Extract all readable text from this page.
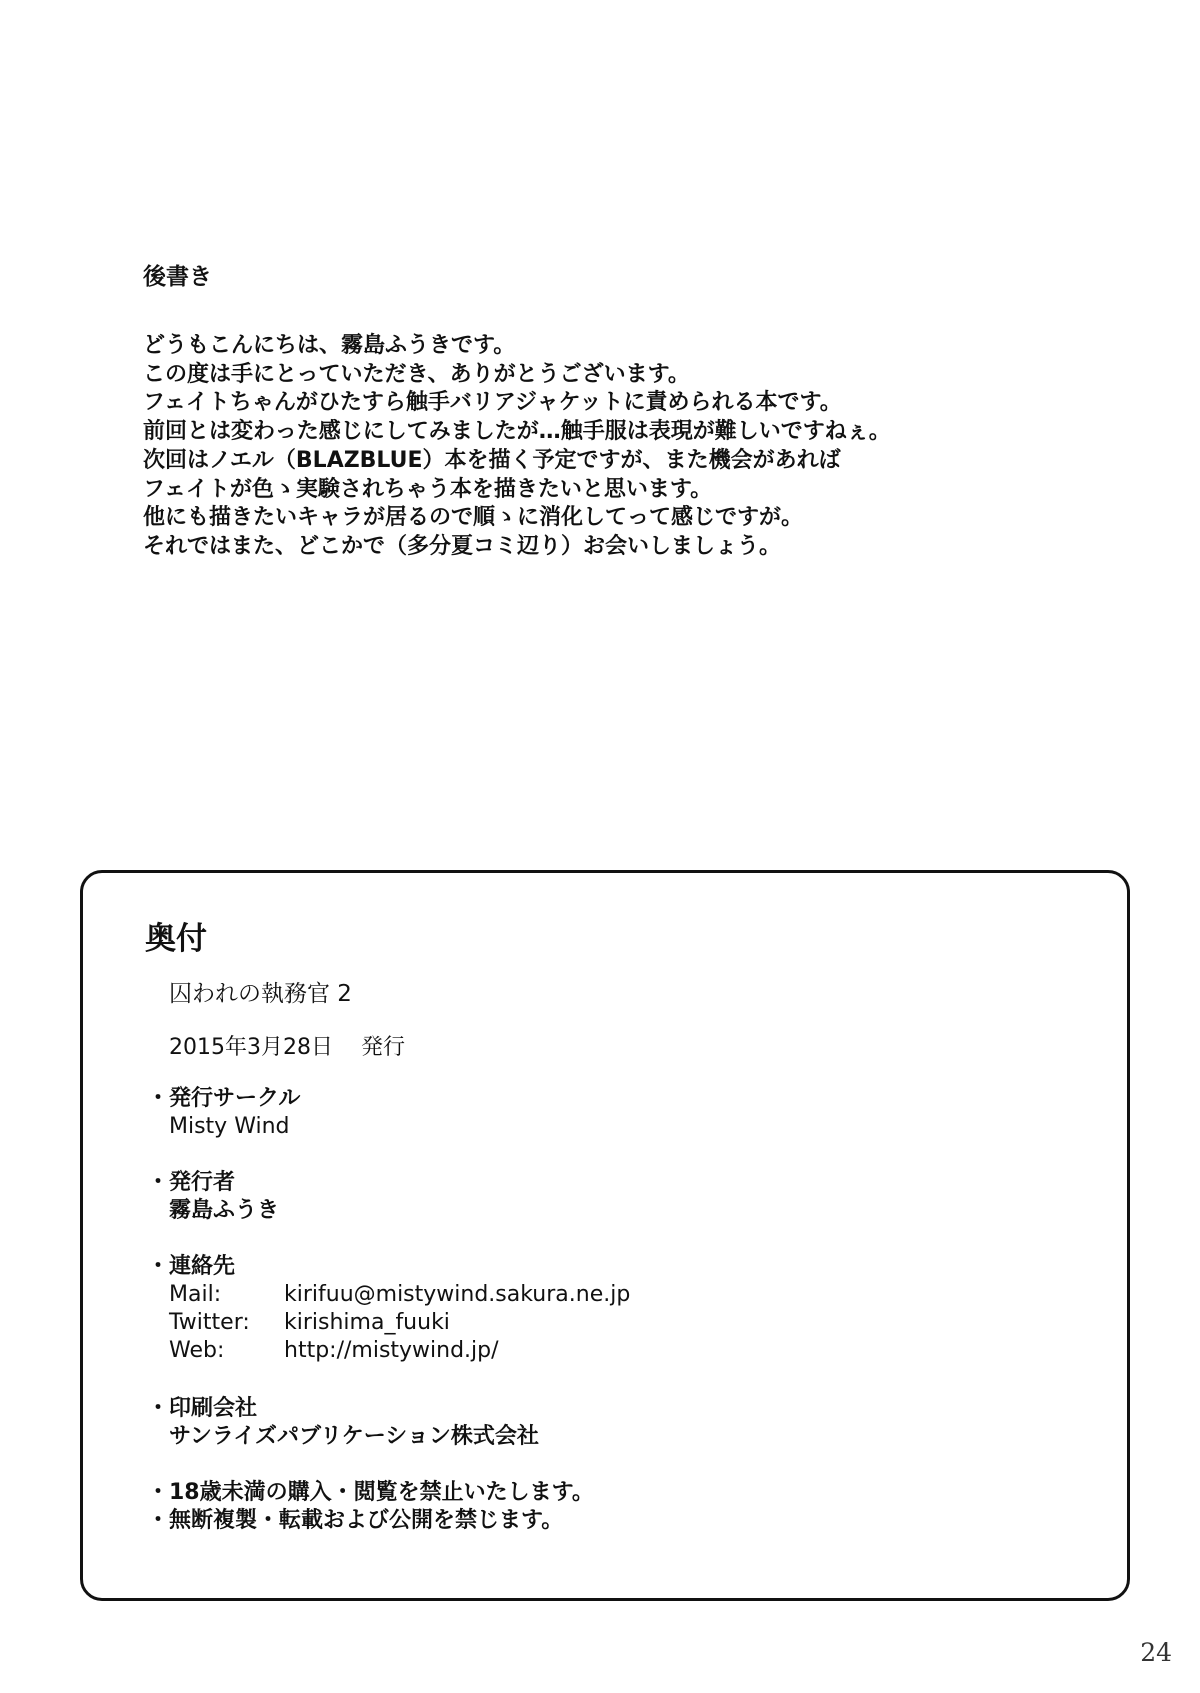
後書き
どうもこんにちは、霧島ふうきです。
この度は手にとっていただき、ありがとうございます。
フェイトちゃんがひたすら触手バリアジャケットに責められる本です。
前回とは変わった感じにしてみましたが…触手服は表現が難しいですねぇ。
次回はノエル（BLAZBLUE）本を描く予定ですが、また機会があれば
フェイトが色ゝ実験されちゃう本を描きたいと思います。
他にも描きたいキャラが居るので順ゝに消化してって感じですが。
それではまた、どこかで（多分夏コミ辺り）お会いしましょう。
奥付
囚われの執務官 2
2015年3月28日 発行
・発行サークル
Misty Wind
・発行者
霧島ふうき
・連絡先
Mail:	kirifuu@mistywind.sakura.ne.jp
Twitter: kirishima_fuuki
Web:	http://mistywind.jp/
・印刷会社
サンライズパブリケーション株式会社
・18歳未満の購入・閲覧を禁止いたします。
・無断複製・転載および公開を禁じます。
24
